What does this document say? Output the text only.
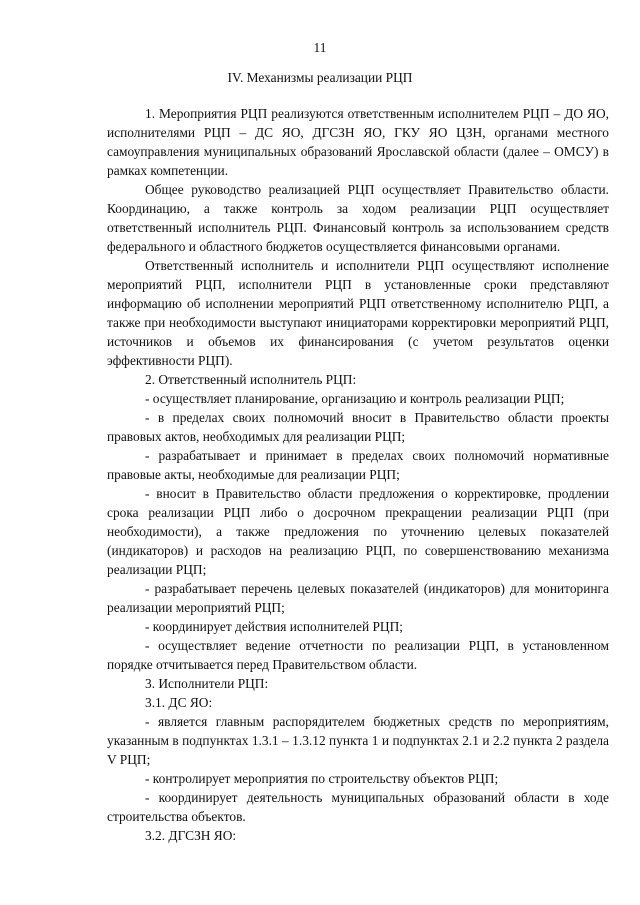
11
IV. Механизмы реализации РЦП

1. Мероприятия РЦП реализуются ответственным исполнителем РЦП – ДО ЯО, исполнителями РЦП – ДС ЯО, ДГСЗН ЯО, ГКУ ЯО ЦЗН, органами местного самоуправления муниципальных образований Ярославской области (далее – ОМСУ) в рамках компетенции.

Общее руководство реализацией РЦП осуществляет Правительство области. Координацию, а также контроль за ходом реализации РЦП осуществляет ответственный исполнитель РЦП. Финансовый контроль за использованием средств федерального и областного бюджетов осуществляется финансовыми органами.

Ответственный исполнитель и исполнители РЦП осуществляют исполнение мероприятий РЦП, исполнители РЦП в установленные сроки представляют информацию об исполнении мероприятий РЦП ответственному исполнителю РЦП, а также при необходимости выступают инициаторами корректировки мероприятий РЦП, источников и объемов их финансирования (с учетом результатов оценки эффективности РЦП).

2. Ответственный исполнитель РЦП:

- осуществляет планирование, организацию и контроль реализации РЦП;

- в пределах своих полномочий вносит в Правительство области проекты правовых актов, необходимых для реализации РЦП;

- разрабатывает и принимает в пределах своих полномочий нормативные правовые акты, необходимые для реализации РЦП;

- вносит в Правительство области предложения о корректировке, продлении срока реализации РЦП либо о досрочном прекращении реализации РЦП (при необходимости), а также предложения по уточнению целевых показателей (индикаторов) и расходов на реализацию РЦП, по совершенствованию механизма реализации РЦП;

- разрабатывает перечень целевых показателей (индикаторов) для мониторинга реализации мероприятий РЦП;

- координирует действия исполнителей РЦП;

- осуществляет ведение отчетности по реализации РЦП, в установленном порядке отчитывается перед Правительством области.

3. Исполнители РЦП:

3.1. ДС ЯО:

- является главным распорядителем бюджетных средств по мероприятиям, указанным в подпунктах 1.3.1 – 1.3.12 пункта 1 и подпунктах 2.1 и 2.2 пункта 2 раздела V РЦП;

- контролирует мероприятия по строительству объектов РЦП;

- координирует деятельность муниципальных образований области в ходе строительства объектов.

3.2. ДГСЗН ЯО:
